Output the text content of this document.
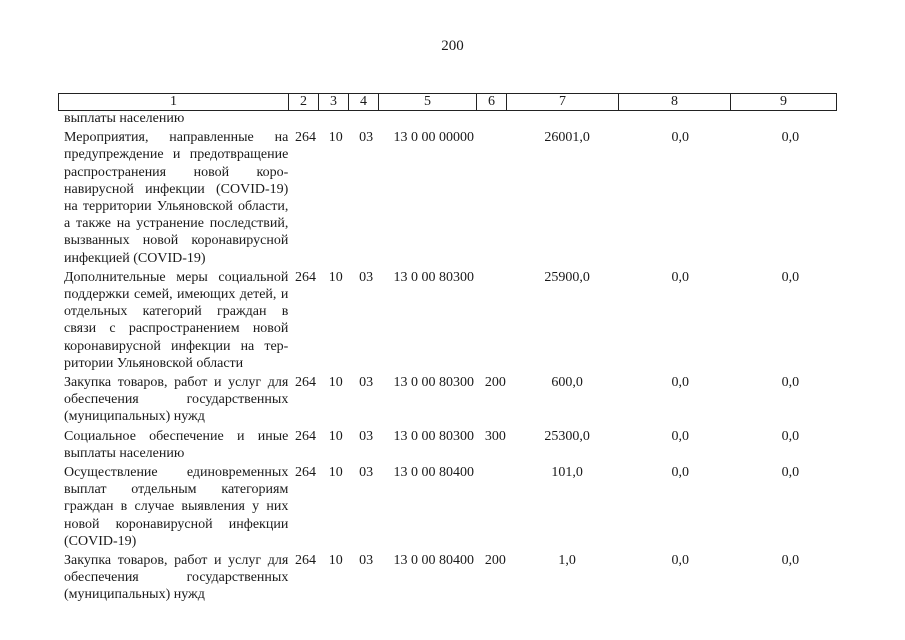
200
1	2	3	4	5	6	7	8	9
выплаты населению								
Мероприятия, направленные на предупреждение и предотвращение распространения новой коронавирусной инфекции (COVID-19) на территории Ульяновской области, а также на устранение последствий, вызванных новой коронавирусной инфекцией (COVID-19)	264	10	03	13 0 00 00000		26001,0	0,0	0,0
Дополнительные меры социальной поддержки семей, имеющих детей, и отдельных категорий граждан в связи с распространением новой коронавирусной инфекции на территории Ульяновской области	264	10	03	13 0 00 80300		25900,0	0,0	0,0
Закупка товаров, работ и услуг для обеспечения государственных (муниципальных) нужд	264	10	03	13 0 00 80300	200	600,0	0,0	0,0
Социальное обеспечение и иные выплаты населению	264	10	03	13 0 00 80300	300	25300,0	0,0	0,0
Осуществление единовременных выплат отдельным категориям граждан в случае выявления у них новой коронавирусной инфекции (COVID-19)	264	10	03	13 0 00 80400		101,0	0,0	0,0
Закупка товаров, работ и услуг для обеспечения государственных (муниципальных) нужд	264	10	03	13 0 00 80400	200	1,0	0,0	0,0
